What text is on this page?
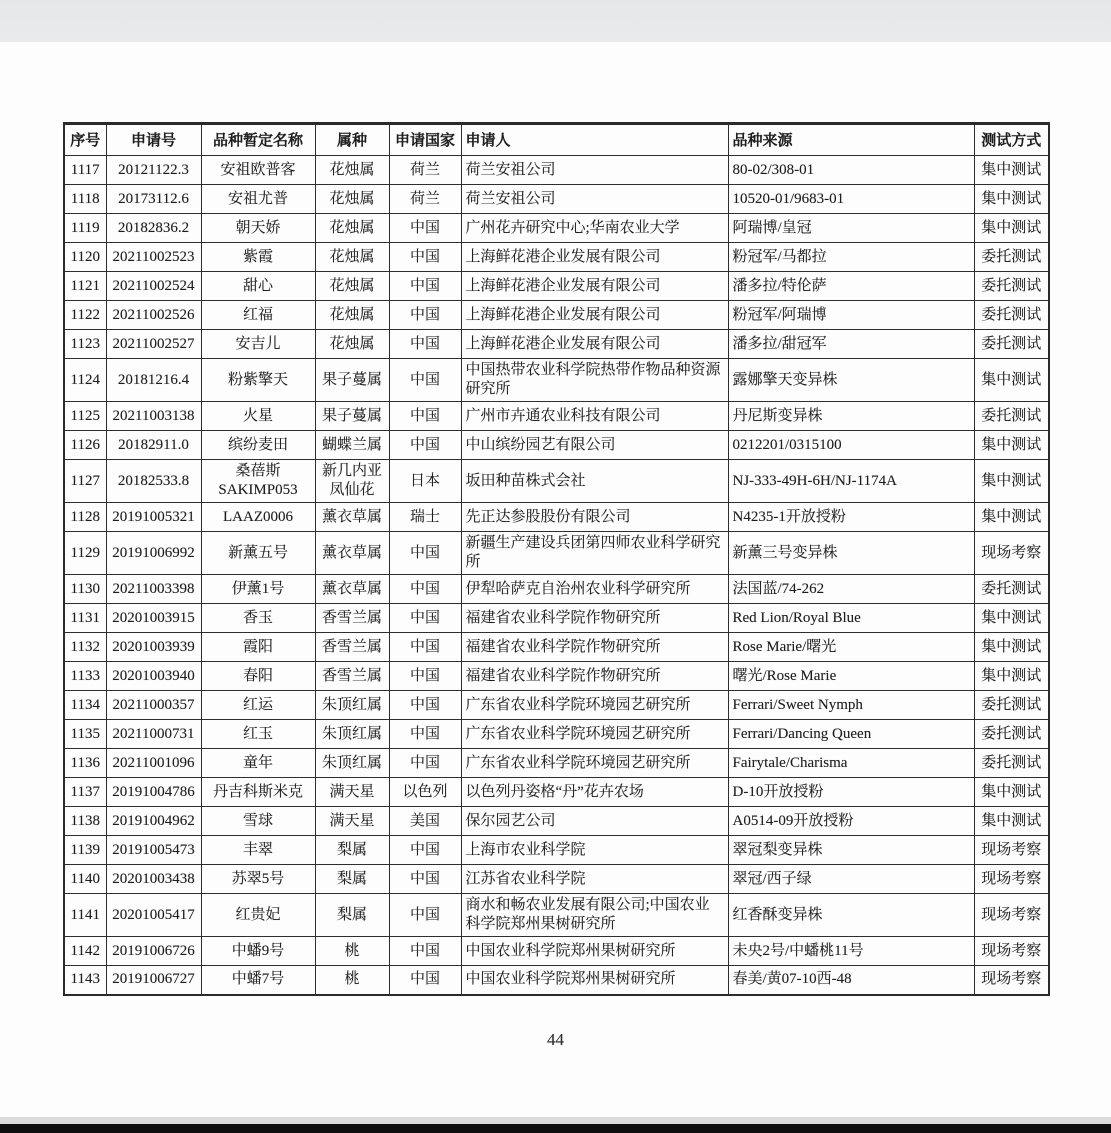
序号	申请号	品种暂定名称	属种	申请国家	申请人	品种来源	测试方式
1117	20121122.3	安祖欧普客	花烛属	荷兰	荷兰安祖公司	80-02/308-01	集中测试
1118	20173112.6	安祖尤普	花烛属	荷兰	荷兰安祖公司	10520-01/9683-01	集中测试
1119	20182836.2	朝天娇	花烛属	中国	广州花卉研究中心;华南农业大学	阿瑞博/皇冠	集中测试
1120	20211002523	紫霞	花烛属	中国	上海鲜花港企业发展有限公司	粉冠军/马都拉	委托测试
1121	20211002524	甜心	花烛属	中国	上海鲜花港企业发展有限公司	潘多拉/特伦萨	委托测试
1122	20211002526	红福	花烛属	中国	上海鲜花港企业发展有限公司	粉冠军/阿瑞博	委托测试
1123	20211002527	安吉儿	花烛属	中国	上海鲜花港企业发展有限公司	潘多拉/甜冠军	委托测试
1124	20181216.4	粉紫擎天	果子蔓属	中国	中国热带农业科学院热带作物品种资源研究所	露娜擎天变异株	集中测试
1125	20211003138	火星	果子蔓属	中国	广州市卉通农业科技有限公司	丹尼斯变异株	委托测试
1126	20182911.0	缤纷麦田	蝴蝶兰属	中国	中山缤纷园艺有限公司	0212201/0315100	集中测试
1127	20182533.8	桑蓓斯 SAKIMP053	新几内亚凤仙花	日本	坂田种苗株式会社	NJ-333-49H-6H/NJ-1174A	集中测试
1128	20191005321	LAAZ0006	薰衣草属	瑞士	先正达参股股份有限公司	N4235-1开放授粉	集中测试
1129	20191006992	新薰五号	薰衣草属	中国	新疆生产建设兵团第四师农业科学研究所	新薰三号变异株	现场考察
1130	20211003398	伊薰1号	薰衣草属	中国	伊犁哈萨克自治州农业科学研究所	法国蓝/74-262	委托测试
1131	20201003915	香玉	香雪兰属	中国	福建省农业科学院作物研究所	Red Lion/Royal Blue	集中测试
1132	20201003939	霞阳	香雪兰属	中国	福建省农业科学院作物研究所	Rose Marie/曙光	集中测试
1133	20201003940	春阳	香雪兰属	中国	福建省农业科学院作物研究所	曙光/Rose Marie	集中测试
1134	20211000357	红运	朱顶红属	中国	广东省农业科学院环境园艺研究所	Ferrari/Sweet Nymph	委托测试
1135	20211000731	红玉	朱顶红属	中国	广东省农业科学院环境园艺研究所	Ferrari/Dancing Queen	委托测试
1136	20211001096	童年	朱顶红属	中国	广东省农业科学院环境园艺研究所	Fairytale/Charisma	委托测试
1137	20191004786	丹吉科斯米克	满天星	以色列	以色列丹姿格“丹”花卉农场	D-10开放授粉	集中测试
1138	20191004962	雪球	满天星	美国	保尔园艺公司	A0514-09开放授粉	集中测试
1139	20191005473	丰翠	梨属	中国	上海市农业科学院	翠冠梨变异株	现场考察
1140	20201003438	苏翠5号	梨属	中国	江苏省农业科学院	翠冠/西子绿	现场考察
1141	20201005417	红贵妃	梨属	中国	商水和畅农业发展有限公司;中国农业科学院郑州果树研究所	红香酥变异株	现场考察
1142	20191006726	中蟠9号	桃	中国	中国农业科学院郑州果树研究所	未央2号/中蟠桃11号	现场考察
1143	20191006727	中蟠7号	桃	中国	中国农业科学院郑州果树研究所	春美/黄07-10西-48	现场考察
44
